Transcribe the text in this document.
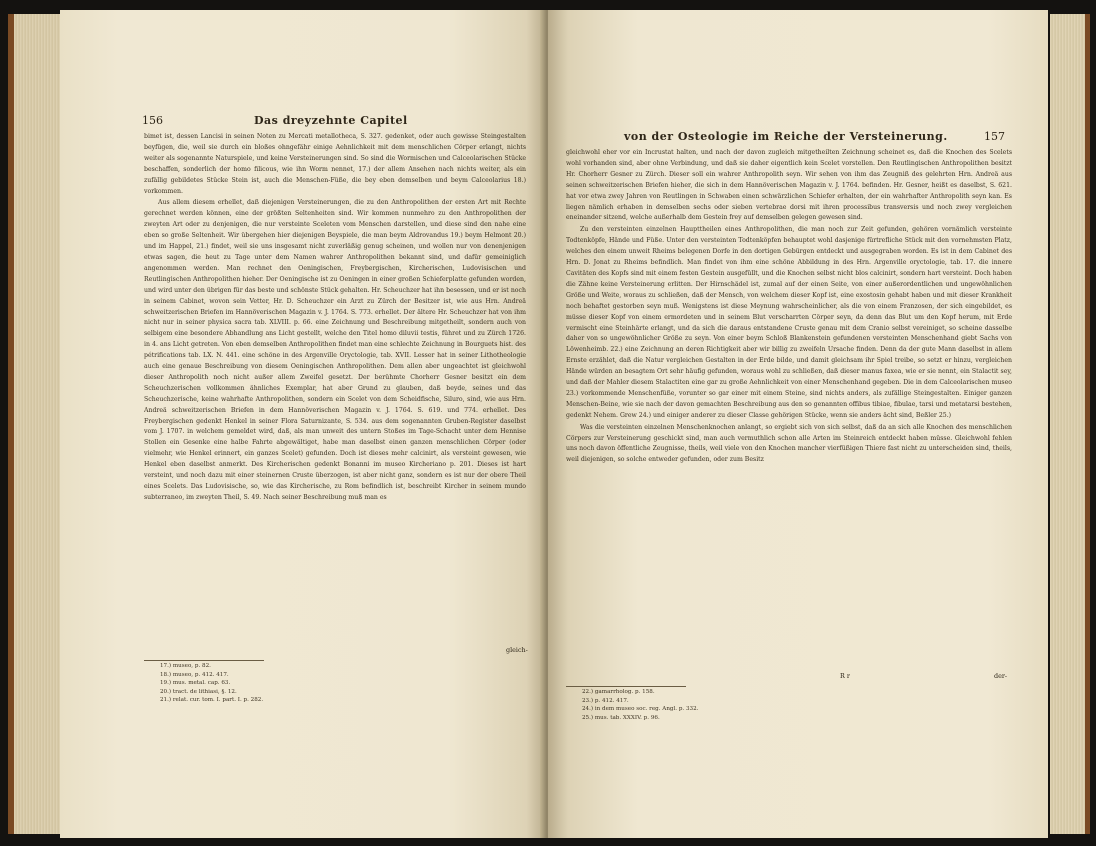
156	Das dreyzehnte Capitel

bimet ist, dessen Lancisi in seinen Noten zu Mercati metallotheca, S. 327. gedenket, oder auch gewisse Steingestalten beyfügen, die, weil sie durch ein bloßes ohngefähr einige Aehnlichkeit mit dem menschlichen Cörper erlangt, nichts weiter als sogenannte Naturspiele, und keine Versteinerungen sind. So sind die Wormischen und Calceolarischen Stücke beschaffen, sonderlich der homo filicous, wie ihn Worm nennet, 17.) der allem Ansehen nach nichts weiter, als ein zufällig gebildetes Stücke Stein ist, auch die Menschen-Füße, die bey eben demselben und beym Calceolarius 18.) vorkommen.

Aus allem diesem erhellet, daß diejenigen Versteinerungen, die zu den Anthropolithen der ersten Art mit Rechte gerechnet werden können, eine der größten Seltenheiten sind. Wir kommen nunmehro zu den Anthropolithen der zweyten Art oder zu denjenigen, die nur versteinte Sceleten vom Menschen darstellen, und diese sind den nahe eine eben so große Seltenheit. Wir übergehen hier diejenigen Beyspiele, die man beym Aldrovandus 19.) beym Helmont 20.) und im Happel, 21.) findet, weil sie uns insgesamt nicht zuverläßig genug scheinen, und wollen nur von denenjenigen etwas sagen, die heut zu Tage unter dem Namen wahrer Anthropolithen bekannt sind, und dafür gemeiniglich angenommen werden. Man rechnet den Oeningischen, Freybergischen, Kircherischen, Ludovisischen und Reutlingischen Anthropolithen hieher. Der Oeningische ist zu Oeningen in einer großen Schieferplatte gefunden worden, und wird unter den übrigen für das beste und schönste Stück gehalten. Hr. Scheuchzer hat ihn besessen, und er ist noch in seinem Cabinet, wovon sein Vetter, Hr. D. Scheuchzer ein Arzt zu Zürch der Besitzer ist, wie aus Hrn. Andreä schweitzerischen Briefen im Hannöverischen Magazin v. J. 1764. S. 773. erhellet. Der ältere Hr. Scheuchzer hat von ihm nicht nur in seiner physica sacra tab. XLVIII. p. 66. eine Zeichnung und Beschreibung mitgetheilt, sondern auch von selbigem eine besondere Abhandlung ans Licht gestellt, welche den Titel homo diluvii testis, führet und zu Zürch 1726. in 4. ans Licht getreten. Von eben demselben Anthropolithen findet man eine schlechte Zeichnung in Bourguets hist. des pétrifications tab. LX. N. 441. eine schöne in des Argenville Oryctologie, tab. XVII. Lesser hat in seiner Lithotheologie auch eine genaue Beschreibung von diesem Oeningischen Anthropolithen. Dem allen aber ungeachtet ist gleichwohl dieser Anthropolith noch nicht außer allem Zweifel gesetzt. Der berühmte Chorherr Gesner besitzt ein dem Scheuchzerischen vollkommen ähnliches Exemplar, hat aber Grund zu glauben, daß beyde, seines und das Scheuchzerische, keine wahrhafte Anthropolithen, sondern ein Scelet von dem Scheidfische, Siluro, sind, wie aus Hrn. Andreä schweitzerischen Briefen in dem Hannöverischen Magazin v. J. 1764. S. 619. und 774. erhellet. Des Freybergischen gedenkt Henkel in seiner Flora Saturnizante, S. 534. aus dem sogenannten Gruben-Register daselbst vom J. 1707. in welchem gemeldet wird, daß, als man unweit des untern Stoßes im Tage-Schacht unter dem Hennise Stollen ein Gesenke eine halbe Fahrte abgewältiget, habe man daselbst einen ganzen menschlichen Cörper (oder vielmehr, wie Henkel erinnert, ein ganzes Scelet) gefunden. Doch ist dieses mehr calcinirt, als versteint gewesen, wie Henkel eben daselbst anmerkt. Des Kircherischen gedenkt Bonanni im museo Kircheriano p. 201. Dieses ist hart versteint, und noch dazu mit einer steinernen Cruste überzogen, ist aber nicht ganz, sondern es ist nur der obere Theil eines Scelets. Das Ludovisische, so, wie das Kircherische, zu Rom befindlich ist, beschreibt Kircher in seinem mundo subterraneo, im zweyten Theil, S. 49. Nach seiner Beschreibung muß man es

gleich-
17.) museo, p. 82.
18.) museo, p. 412. 417.
19.) mus. metal. cap. 63.
20.) tract. de lithiasi, §. 12.
21.) relat. cur. tom. I. part. I. p. 282.
von der Osteologie im Reiche der Versteinerung.	157

gleichwohl eher vor ein Incrustat halten, und nach der davon zugleich mitgetheilten Zeichnung scheinet es, daß die Knochen des Scelets wohl vorhanden sind, aber ohne Verbindung, und daß sie daher eigentlich kein Scelet vorstellen. Den Reutlingischen Anthropolithen besitzt Hr. Chorherr Gesner zu Zürch. Dieser soll ein wahrer Anthropolith seyn. Wir sehen von ihm das Zeugniß des gelehrten Hrn. Andreä aus seinen schweitzerischen Briefen hieher, die sich in dem Hannöverischen Magazin v. J. 1764. befinden. Hr. Gesner, heißt es daselbst, S. 621. hat vor etwa zwey Jahren von Reutlingen in Schwaben einen schwärzlichen Schiefer erhalten, der ein wahrhafter Anthropolith seyn kan. Es liegen nämlich erhaben in demselben sechs oder sieben vertebrae dorsi mit ihren processibus transversis und noch zwey vergleichen eneinander sitzend, welche außerhalb dem Gestein frey auf demselben gelegen gewesen sind.

Zu den versteinten einzelnen Haupttheilen eines Anthropolithen, die man noch zur Zeit gefunden, gehören vornämlich versteinte Todtenköpfe, Hände und Füße. Unter den versteinten Todtenköpfen behauptet wohl dasjenige fürtrefliche Stück mit den vornehmsten Platz, welches den einem unweit Rheims belegenen Dorfe in den dortigen Gebürgen entdeckt und ausgegraben worden. Es ist in dem Cabinet des Hrn. D. Jonat zu Rheims befindlich. Man findet von ihm eine schöne Abbildung in des Hrn. Argenville oryctologie, tab. 17. die innere Cavitäten des Kopfs sind mit einem festen Gestein ausgefüllt, und die Knochen selbst nicht blos calcinirt, sondern hart versteint. Doch haben die Zähne keine Versteinerung erlitten. Der Hirnschädel ist, zumal auf der einen Seite, von einer außerordentlichen und ungewöhnlichen Größe und Weite, woraus zu schließen, daß der Mensch, von welchem dieser Kopf ist, eine exostosin gehabt haben und mit dieser Krankheit noch behaftet gestorben seyn muß. Wenigstens ist diese Meynung wahrscheinlicher, als die von einem Franzosen, der sich eingebildet, es müsse dieser Kopf von einem ermordeten und in seinem Blut verscharrten Cörper seyn, da denn das Blut um den Kopf herum, mit Erde vermischt eine Steinhärte erlangt, und da sich die daraus entstandene Cruste genau mit dem Cranio selbst vereiniget, so scheine dasselbe daher von so ungewöhnlicher Größe zu seyn. Von einer beym Schloß Blankenstein gefundenen versteinten Menschenhand giebt Sachs von Löwenheimb. 22.) eine Zeichnung an deren Richtigkeit aber wir billig zu zweifeln Ursache finden. Denn da der gute Mann daselbst in allem Ernste erzählet, daß die Natur vergleichen Gestalten in der Erde bilde, und damit gleichsam ihr Spiel treibe, so setzt er hinzu, vergleichen Hände würden an besagtem Ort sehr häufig gefunden, woraus wohl zu schließen, daß dieser manus faxea, wie er sie nennt, ein Stalactit sey, und daß der Mahler diesem Stalactiten eine gar zu große Aehnlichkeit von einer Menschenhand gegeben. Die in dem Calceolarischen museo 23.) vorkommende Menschenfüße, vorunter so gar einer mit einem Steine, sind nichts anders, als zufällige Steingestalten. Einiger ganzen Menschen-Beine, wie sie nach der davon gemachten Beschreibung aus den so genannten offibus tibiae, fibulae, tarsi und metatarsi bestehen, gedenkt Nehem. Grew 24.) und einiger anderer zu dieser Classe gehörigen Stücke, wenn sie anders ächt sind, Beßler 25.)

Was die versteinten einzelnen Menschenknochen anlangt, so ergiebt sich von sich selbst, daß da an sich alle Knochen des menschlichen Cörpers zur Versteinerung geschickt sind, man auch vermuthlich schon alle Arten im Steinreich entdeckt haben müsse. Gleichwohl fehlen uns noch davon öffentliche Zeugnisse, theils, weil viele von den Knochen mancher vierfüßigen Thiere fast nicht zu unterscheiden sind, theils, weil diejenigen, so solche entweder gefunden, oder zum Besitz

R r	der-
22.) gamarrholog. p. 158.
23.) p. 412. 417.
24.) in dem museo soc. reg. Angl. p. 332.
25.) mus. tab. XXXIV. p. 96.
